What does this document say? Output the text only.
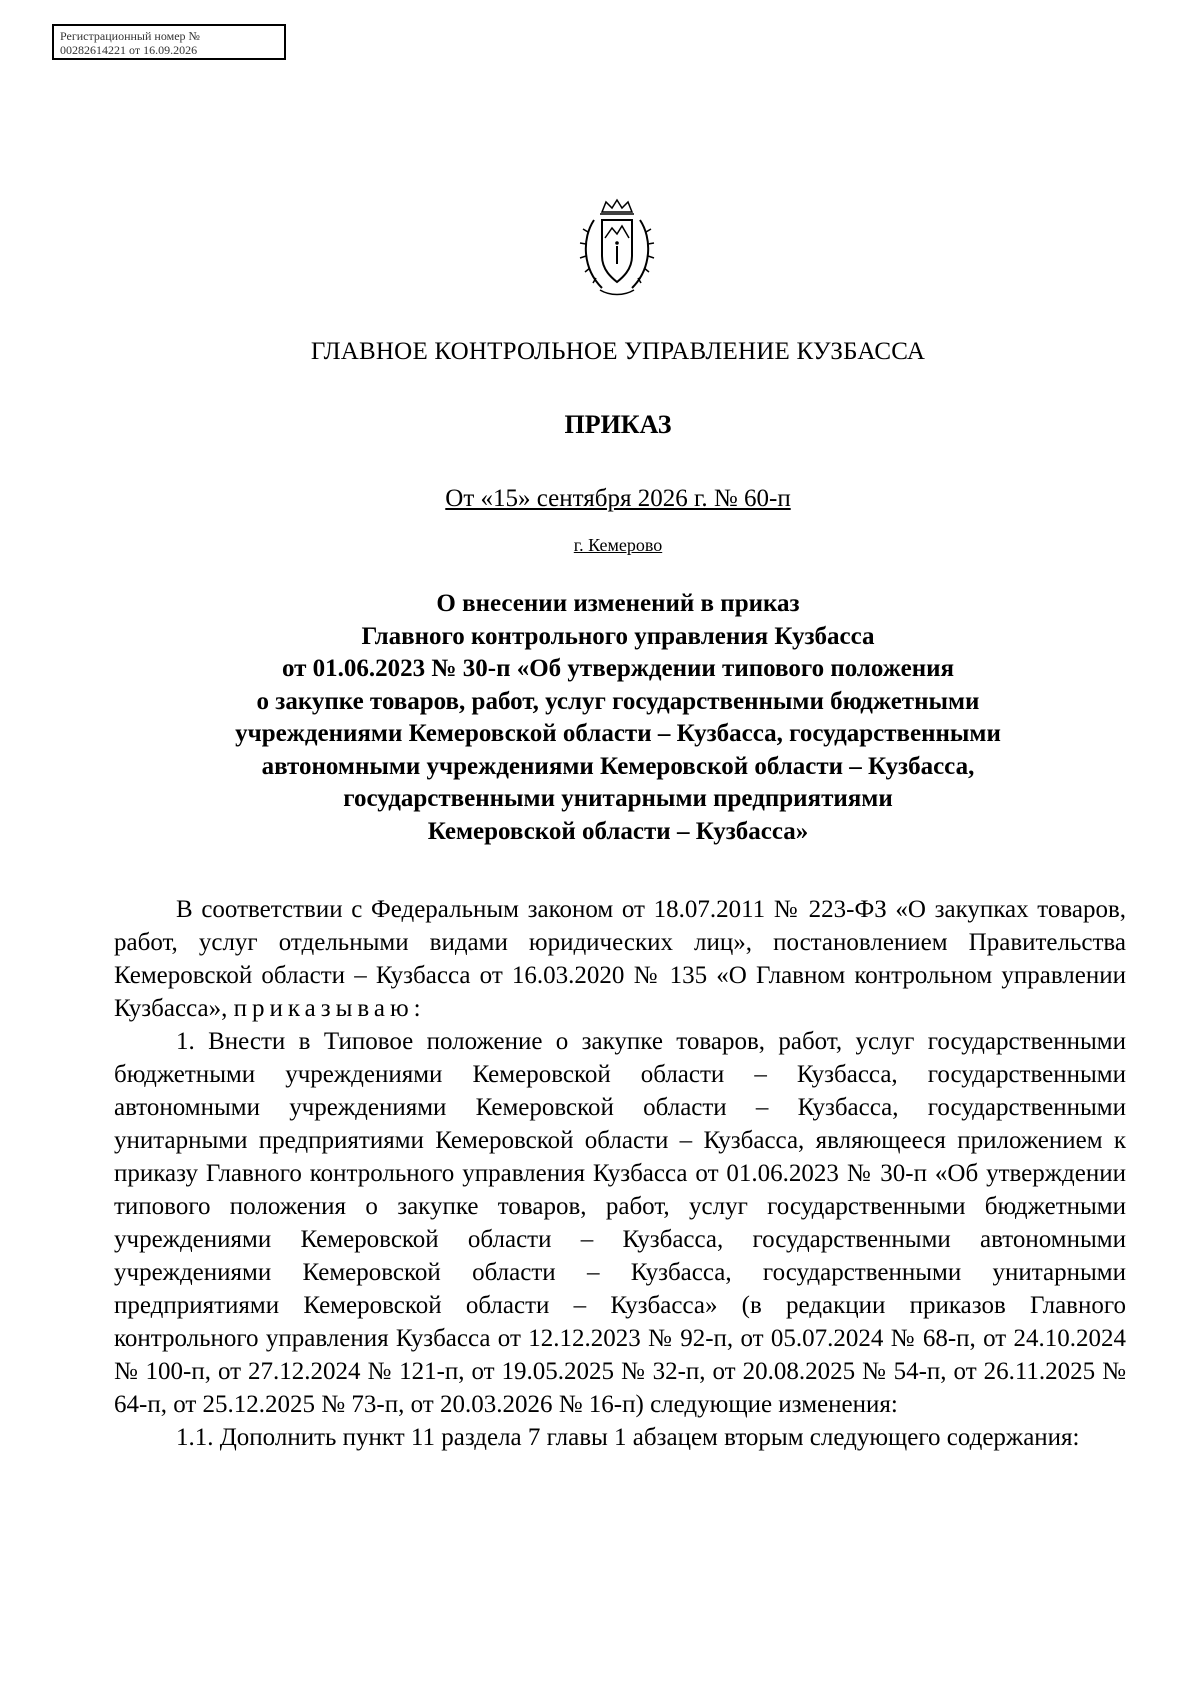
Регистрационный номер №
00282614221 от 16.09.2026
ГЛАВНОЕ КОНТРОЛЬНОЕ УПРАВЛЕНИЕ КУЗБАССА
ПРИКАЗ
От «15» сентября 2026 г. № 60-п
г. Кемерово
О внесении изменений в приказ
Главного контрольного управления Кузбасса
от 01.06.2023 № 30-п «Об утверждении типового положения
о закупке товаров, работ, услуг государственными бюджетными
учреждениями Кемеровской области – Кузбасса, государственными
автономными учреждениями Кемеровской области – Кузбасса,
государственными унитарными предприятиями
Кемеровской области – Кузбасса»

В соответствии с Федеральным законом от 18.07.2011 № 223-ФЗ «О закупках товаров, работ, услуг отдельными видами юридических лиц», постановлением Правительства Кемеровской области – Кузбасса от 16.03.2020 № 135 «О Главном контрольном управлении Кузбасса», приказываю:

1. Внести в Типовое положение о закупке товаров, работ, услуг государственными бюджетными учреждениями Кемеровской области – Кузбасса, государственными автономными учреждениями Кемеровской области – Кузбасса, государственными унитарными предприятиями Кемеровской области – Кузбасса, являющееся приложением к приказу Главного контрольного управления Кузбасса от 01.06.2023 № 30-п «Об утверждении типового положения о закупке товаров, работ, услуг государственными бюджетными учреждениями Кемеровской области – Кузбасса, государственными автономными учреждениями Кемеровской области – Кузбасса, государственными унитарными предприятиями Кемеровской области – Кузбасса» (в редакции приказов Главного контрольного управления Кузбасса от 12.12.2023 № 92-п, от 05.07.2024 № 68-п, от 24.10.2024 № 100-п, от 27.12.2024 № 121-п, от 19.05.2025 № 32-п, от 20.08.2025 № 54-п, от 26.11.2025 № 64-п, от 25.12.2025 № 73-п, от 20.03.2026 № 16-п) следующие изменения:

1.1. Дополнить пункт 11 раздела 7 главы 1 абзацем вторым следующего содержания:
